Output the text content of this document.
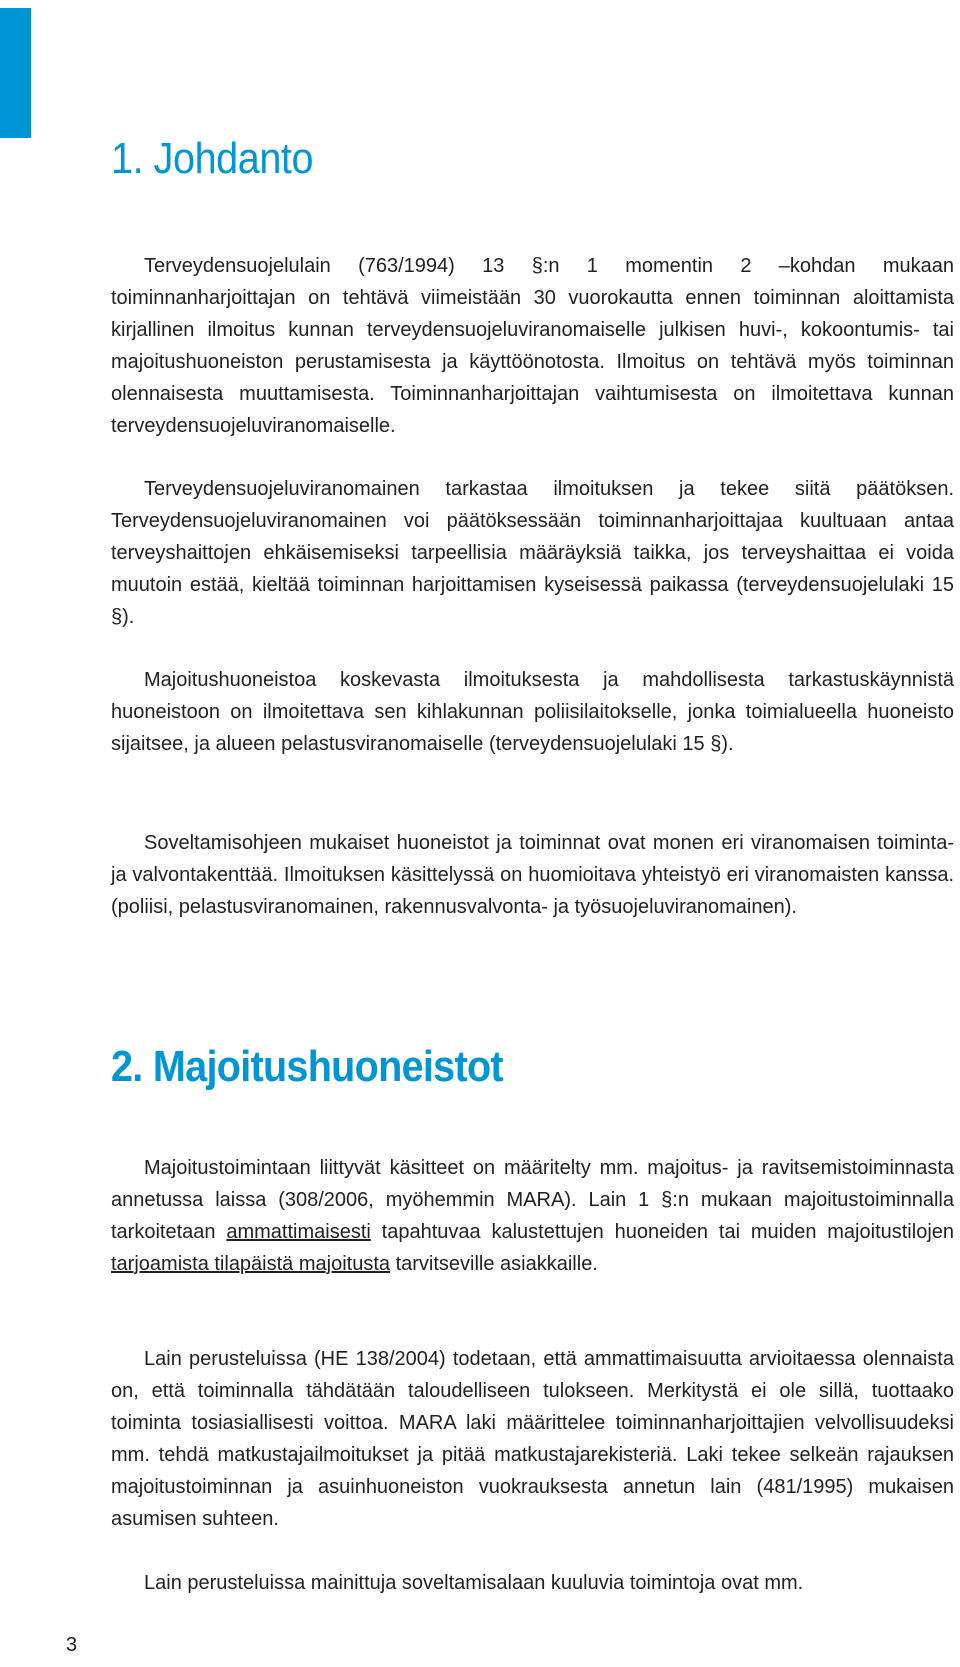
1. Johdanto

Terveydensuojelulain (763/1994) 13 §:n 1 momentin 2 –kohdan mukaan toiminnanharjoittajan on tehtävä viimeistään 30 vuorokautta ennen toiminnan aloittamista kirjallinen ilmoitus kunnan terveydensuojeluviranomaiselle julkisen huvi-, kokoontumis- tai majoitushuoneiston perustamisesta ja käyttöönotosta. Ilmoitus on tehtävä myös toiminnan olennaisesta muuttamisesta. Toiminnanharjoittajan vaihtumisesta on ilmoitettava kunnan terveydensuojeluviranomaiselle.

Terveydensuojeluviranomainen tarkastaa ilmoituksen ja tekee siitä päätöksen. Terveydensuojeluviranomainen voi päätöksessään toiminnanharjoittajaa kuultuaan antaa terveyshaittojen ehkäisemiseksi tarpeellisia määräyksiä taikka, jos terveyshaittaa ei voida muutoin estää, kieltää toiminnan harjoittamisen kyseisessä paikassa (terveydensuojelulaki 15 §).

Majoitushuoneistoa koskevasta ilmoituksesta ja mahdollisesta tarkastuskäynnistä huoneistoon on ilmoitettava sen kihlakunnan poliisilaitokselle, jonka toimialueella huoneisto sijaitsee, ja alueen pelastusviranomaiselle (terveydensuojelulaki 15 §).

Soveltamisohjeen mukaiset huoneistot ja toiminnat ovat monen eri viranomaisen toiminta- ja valvontakenttää. Ilmoituksen käsittelyssä on huomioitava yhteistyö eri viranomaisten kanssa. (poliisi, pelastusviranomainen, rakennusvalvonta- ja työsuojeluviranomainen).

2. Majoitushuoneistot

Majoitustoimintaan liittyvät käsitteet on määritelty mm. majoitus- ja ravitsemistoiminnasta annetussa laissa (308/2006, myöhemmin MARA). Lain 1 §:n mukaan majoitustoiminnalla tarkoitetaan ammattimaisesti tapahtuvaa kalustettujen huoneiden tai muiden majoitustilojen tarjoamista tilapäistä majoitusta tarvitseville asiakkaille.

Lain perusteluissa (HE 138/2004) todetaan, että ammattimaisuutta arvioitaessa olennaista on, että toiminnalla tähdätään taloudelliseen tulokseen. Merkitystä ei ole sillä, tuottaako toiminta tosiasiallisesti voittoa. MARA laki määrittelee toiminnanharjoittajien velvollisuudeksi mm. tehdä matkustajailmoitukset ja pitää matkustajarekisteriä. Laki tekee selkeän rajauksen majoitustoiminnan ja asuinhuoneiston vuokrauksesta annetun lain (481/1995) mukaisen asumisen suhteen.

Lain perusteluissa mainittuja soveltamisalaan kuuluvia toimintoja ovat mm.

3
